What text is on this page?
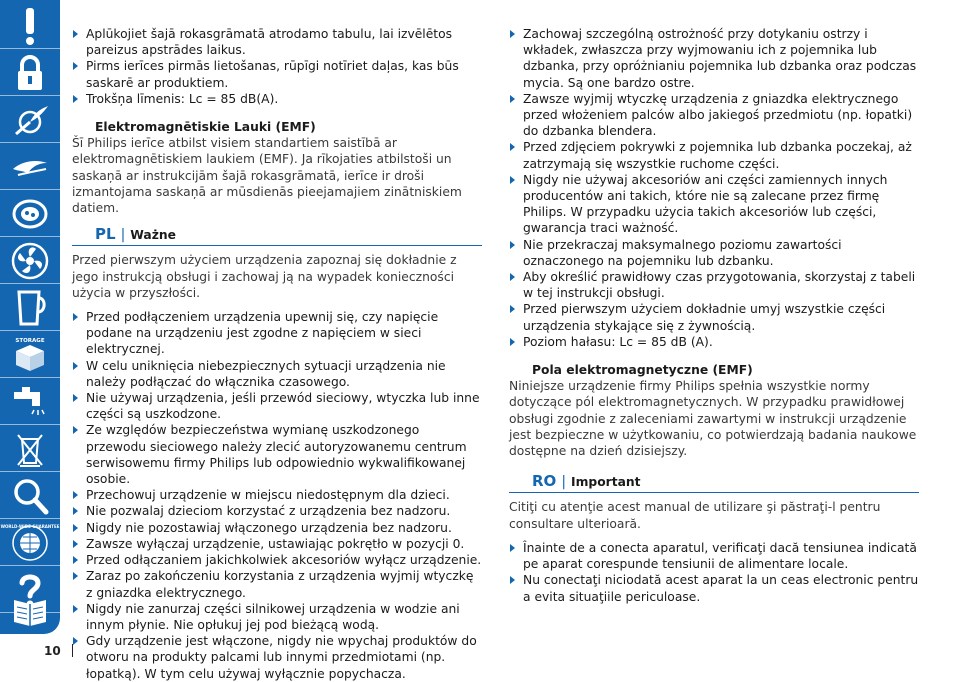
STORAGE
WORLD-WIDE GUARANTEE
10
Aplūkojiet šajā rokasgrāmatā atrodamo tabulu, lai izvēlētos pareizus apstrādes laikus.
Pirms ierīces pirmās lietošanas, rūpīgi notīriet daļas, kas būs saskarē ar produktiem.
Trokšņa līmenis: Lc = 85 dB(A).
Elektromagnētiskie Lauki (EMF)

Šī Philips ierīce atbilst visiem standartiem saistībā ar elektromagnētiskiem laukiem (EMF). Ja rīkojaties atbilstoši un saskaņā ar instrukcijām šajā rokasgrāmatā, ierīce ir droši izmantojama saskaņā ar mūsdienās pieejamajiem zinātniskiem datiem.

PL | Ważne

Przed pierwszym użyciem urządzenia zapoznaj się dokładnie z jego instrukcją obsługi i zachowaj ją na wypadek konieczności użycia w przyszłości.

Przed podłączeniem urządzenia upewnij się, czy napięcie podane na urządzeniu jest zgodne z napięciem w sieci elektrycznej.
W celu uniknięcia niebezpiecznych sytuacji urządzenia nie należy podłączać do włącznika czasowego.
Nie używaj urządzenia, jeśli przewód sieciowy, wtyczka lub inne części są uszkodzone.
Ze względów bezpieczeństwa wymianę uszkodzonego przewodu sieciowego należy zlecić autoryzowanemu centrum serwisowemu firmy Philips lub odpowiednio wykwalifikowanej osobie.
Przechowuj urządzenie w miejscu niedostępnym dla dzieci.
Nie pozwalaj dzieciom korzystać z urządzenia bez nadzoru.
Nigdy nie pozostawiaj włączonego urządzenia bez nadzoru.
Zawsze wyłączaj urządzenie, ustawiając pokrętło w pozycji 0.
Przed odłączaniem jakichkolwiek akcesoriów wyłącz urządzenie.
Zaraz po zakończeniu korzystania z urządzenia wyjmij wtyczkę z gniazdka elektrycznego.
Nigdy nie zanurzaj części silnikowej urządzenia w wodzie ani innym płynie. Nie opłukuj jej pod bieżącą wodą.
Gdy urządzenie jest włączone, nigdy nie wpychaj produktów do otworu na produkty palcami lub innymi przedmiotami (np. łopatką). W tym celu używaj wyłącznie popychacza.
Zachowaj szczególną ostrożność przy dotykaniu ostrzy i wkładek, zwłaszcza przy wyjmowaniu ich z pojemnika lub dzbanka, przy opróżnianiu pojemnika lub dzbanka oraz podczas mycia. Są one bardzo ostre.
Zawsze wyjmij wtyczkę urządzenia z gniazdka elektrycznego przed włożeniem palców albo jakiegoś przedmiotu (np. łopatki) do dzbanka blendera.
Przed zdjęciem pokrywki z pojemnika lub dzbanka poczekaj, aż zatrzymają się wszystkie ruchome części.
Nigdy nie używaj akcesoriów ani części zamiennych innych producentów ani takich, które nie są zalecane przez firmę Philips. W przypadku użycia takich akcesoriów lub części, gwarancja traci ważność.
Nie przekraczaj maksymalnego poziomu zawartości oznaczonego na pojemniku lub dzbanku.
Aby określić prawidłowy czas przygotowania, skorzystaj z tabeli w tej instrukcji obsługi.
Przed pierwszym użyciem dokładnie umyj wszystkie części urządzenia stykające się z żywnością.
Poziom hałasu: Lc = 85 dB (A).
Pola elektromagnetyczne (EMF)

Niniejsze urządzenie firmy Philips spełnia wszystkie normy dotyczące pól elektromagnetycznych. W przypadku prawidłowej obsługi zgodnie z zaleceniami zawartymi w instrukcji urządzenie jest bezpieczne w użytkowaniu, co potwierdzają badania naukowe dostępne na dzień dzisiejszy.

RO | Important

Citiţi cu atenţie acest manual de utilizare şi păstraţi-l pentru consultare ulterioară.

Înainte de a conecta aparatul, verificaţi dacă tensiunea indicată pe aparat corespunde tensiunii de alimentare locale.
Nu conectaţi niciodată acest aparat la un ceas electronic pentru a evita situaţiile periculoase.
